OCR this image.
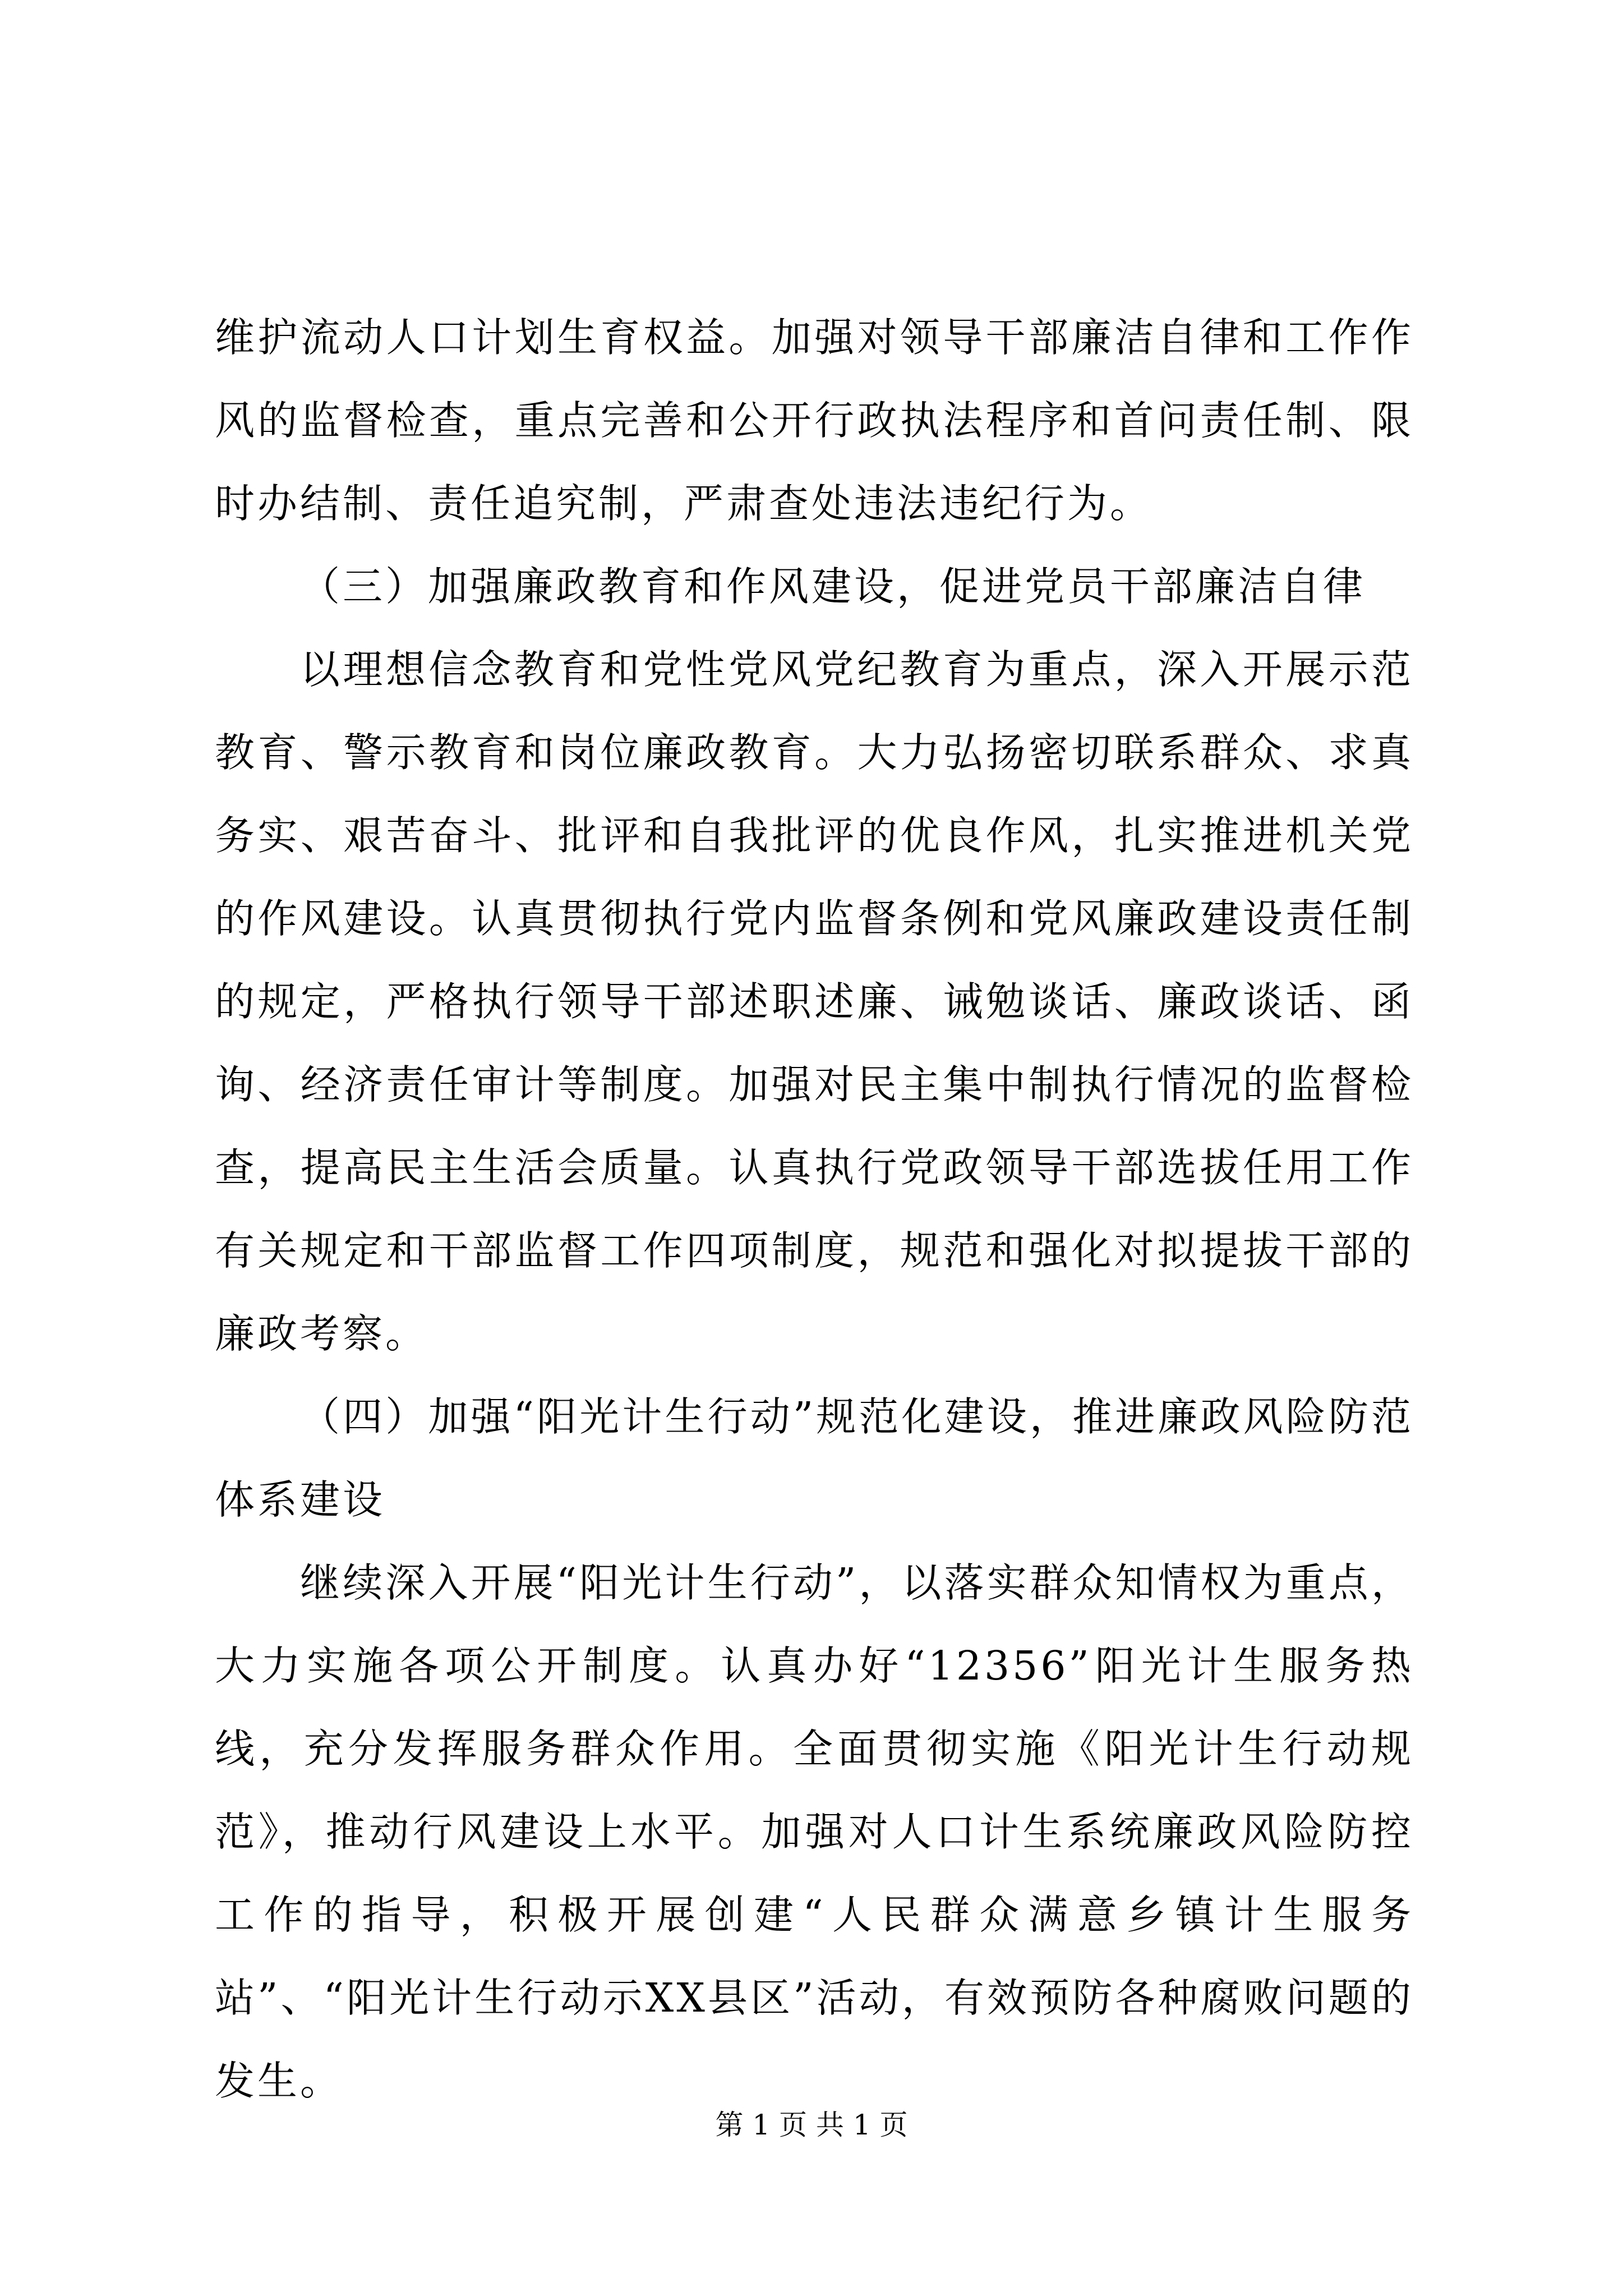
维护流动人口计划生育权益。加强对领导干部廉洁自律和工作作风的监督检查，重点完善和公开行政执法程序和首问责任制、限时办结制、责任追究制，严肃查处违法违纪行为。

（三）加强廉政教育和作风建设，促进党员干部廉洁自律

以理想信念教育和党性党风党纪教育为重点，深入开展示范教育、警示教育和岗位廉政教育。大力弘扬密切联系群众、求真务实、艰苦奋斗、批评和自我批评的优良作风，扎实推进机关党的作风建设。认真贯彻执行党内监督条例和党风廉政建设责任制的规定，严格执行领导干部述职述廉、诫勉谈话、廉政谈话、函询、经济责任审计等制度。加强对民主集中制执行情况的监督检查，提高民主生活会质量。认真执行党政领导干部选拔任用工作有关规定和干部监督工作四项制度，规范和强化对拟提拔干部的廉政考察。

（四）加强“阳光计生行动”规范化建设，推进廉政风险防范体系建设

继续深入开展“阳光计生行动”，以落实群众知情权为重点，大力实施各项公开制度。认真办好“12356”阳光计生服务热线，充分发挥服务群众作用。全面贯彻实施《阳光计生行动规范》，推动行风建设上水平。加强对人口计生系统廉政风险防控工作的指导，积极开展创建“人民群众满意乡镇计生服务站”、“阳光计生行动示XX县区”活动，有效预防各种腐败问题的发生。

第 1 页 共 1 页
